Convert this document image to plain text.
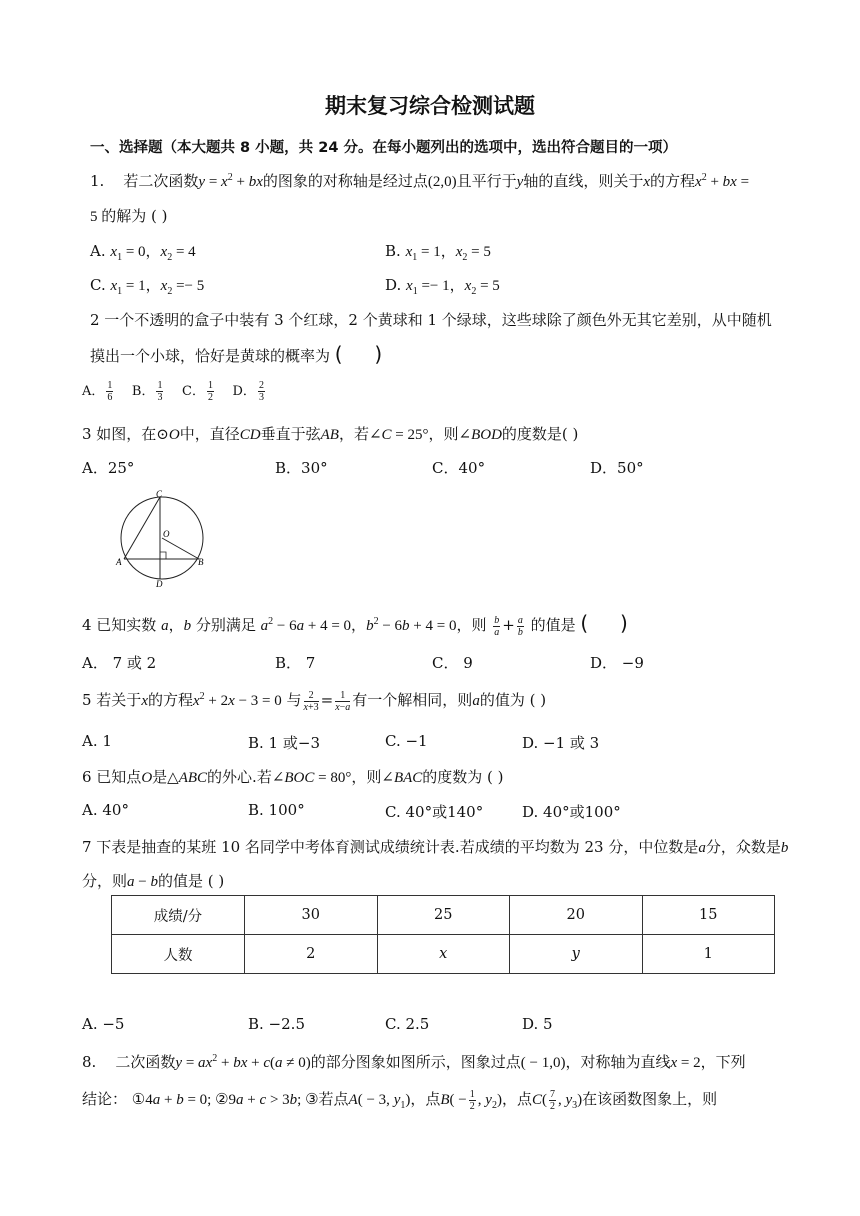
期末复习综合检测试题
一、选择题（本大题共 8 小题，共 24 分。在每小题列出的选项中，选出符合题目的一项）
1. 若二次函数$y = x^2$ + bx的图象的对称轴是经过点(2,0)且平行于y轴的直线，则关于x的方程$x^2$ + bx =
5 的解为 ( )
A. $x_1 = 0$，$x_2 = 4$	B. $x_1 = 1$，$x_2 = 5$
C. $x_1 = 1$，$x_2 =- 5$	D. $x_1 =- 1$，$x_2 = 5$
2 一个不透明的盒子中装有 3 个红球，2 个黄球和 1 个绿球，这些球除了颜色外无其它差别，从中随机
摸出一个小球，恰好是黄球的概率为 (     )
A． $\frac{1}{6}$ B． $\frac{1}{3}$ C． $\frac{1}{2}$ D． $\frac{2}{3}$
3 如图，在⊙O中，直径CD垂直于弦AB，若∠C = 25°，则∠BOD的度数是( )
A．25°	B．30°	C．40°	D．50°
C
O
A	B
D
4 已知实数 a，b 分别满足 $a^2 - 6a + 4 = 0$，$b^2 - 6b + 4 = 0$，则 $\frac{b}{a} + \frac{a}{b}$ 的值是 (     )
A． 7 或 2	B． 7	C． 9	D． −9
5 若关于x的方程$x^2 + 2x - 3 = 0$ 与 $\frac{2}{x+3} = \frac{1}{x-a}$ 有一个解相同，则a的值为 ( )
A. 1	B. 1 或−3	C. −1	D. −1 或 3
6 已知点O是△ABC的外心.若∠BOC = 80°，则∠BAC的度数为 ( )
A. 40°	B. 100°	C. 40°或140°	D. 40°或100°
7 下表是抽查的某班 10 名同学中考体育测试成绩统计表.若成绩的平均数为 23 分，中位数是a分，众数是b
分，则a − b的值是 ( )
成绩/分	30	25	20	15
人数	2	x	y	1
A. −5	B. −2.5	C. 2.5	D. 5
8. 二次函数$y = ax^2$ + bx + c(a ≠ 0)的部分图象如图所示，图象过点( − 1,0)，对称轴为直线x = 2，下列
结论： ①4a + b = 0; ②9a + c > 3b; ③若点A( − 3, $y_1$)，点$B( - \frac{1}{2}$ , $y_2$)，点$C( \frac{7}{2}$ , $y_3$)在该函数图象上，则
